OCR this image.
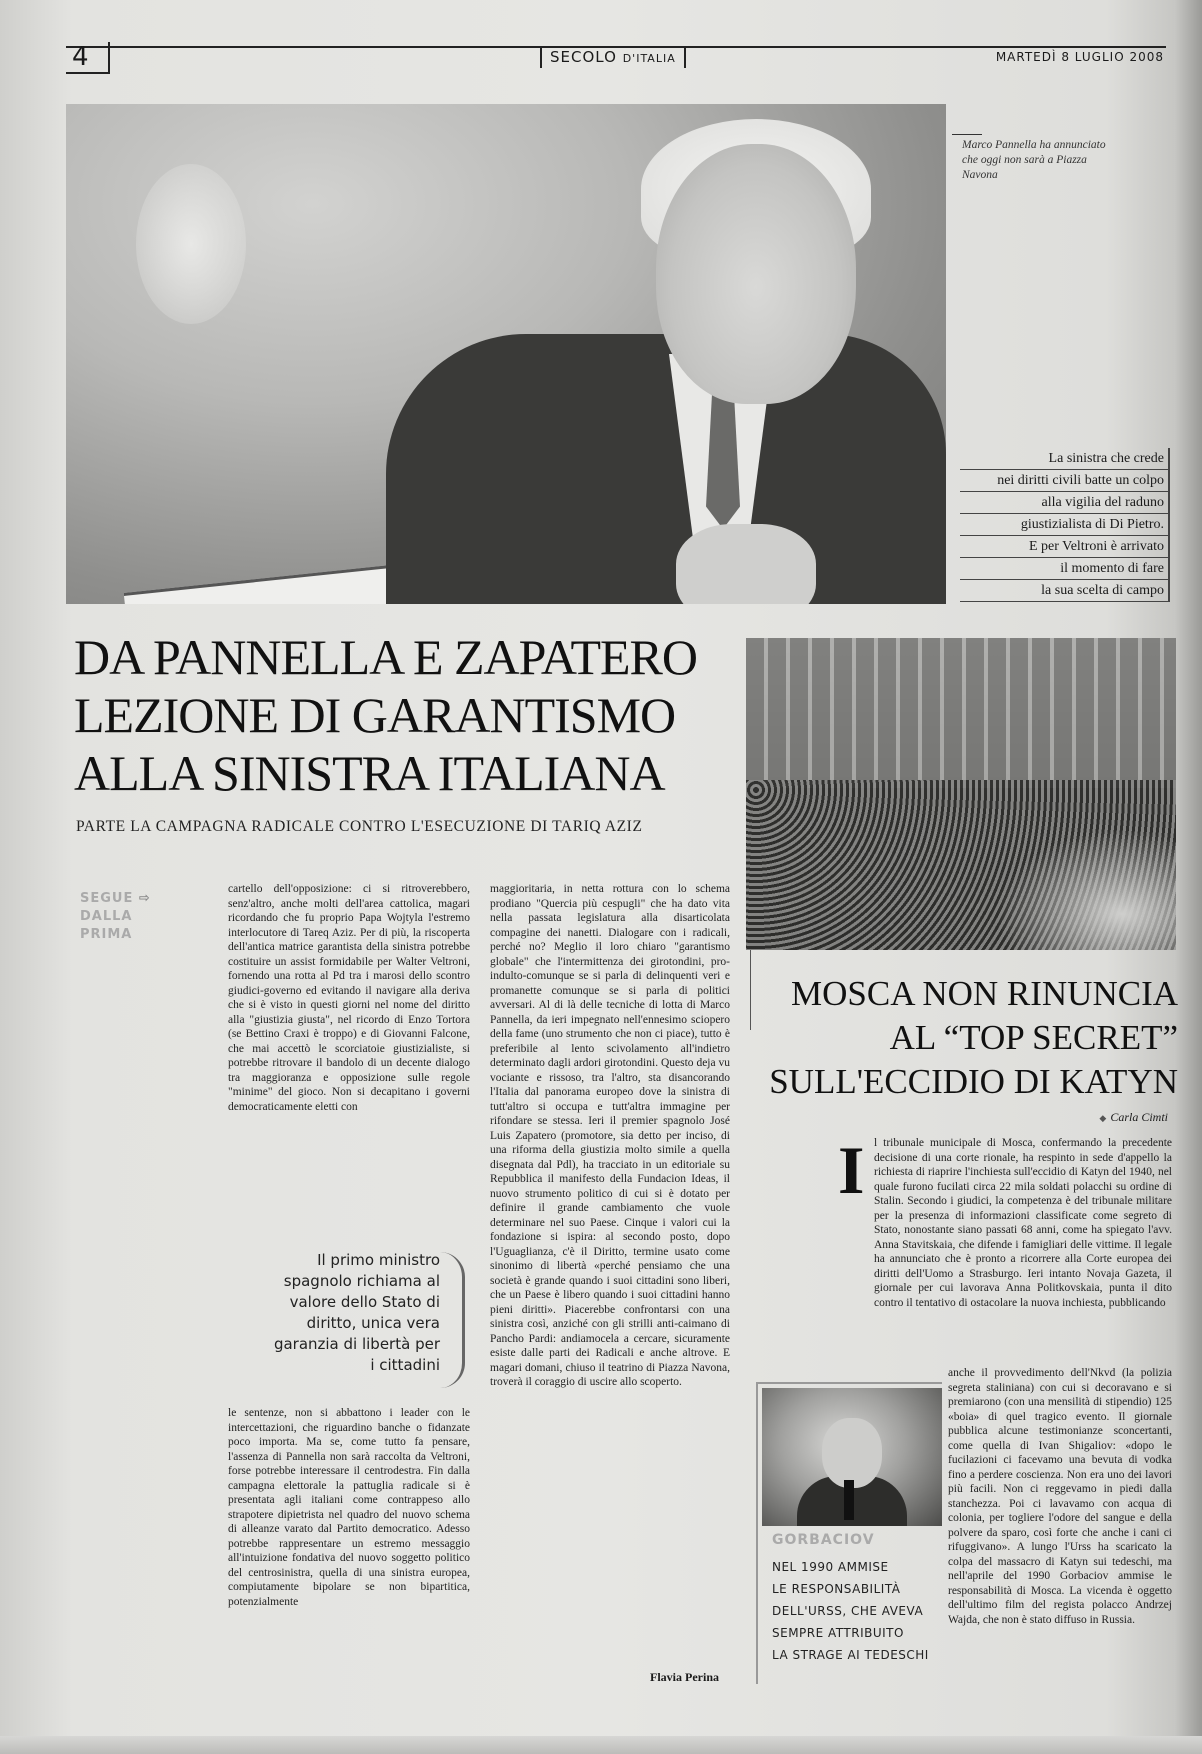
4	SECOLO D'ITALIA	MARTEDÌ 8 LUGLIO 2008
Marco Pannella ha annunciato che oggi non sarà a Piazza Navona
La sinistra che crede
nei diritti civili batte un colpo
alla vigilia del raduno
giustizialista di Di Pietro.
E per Veltroni è arrivato
il momento di fare
la sua scelta di campo
DA PANNELLA E ZAPATERO
LEZIONE DI GARANTISMO
ALLA SINISTRA ITALIANA
PARTE LA CAMPAGNA RADICALE CONTRO L'ESECUZIONE DI TARIQ AZIZ
SEGUE ⇨
DALLA
PRIMA
cartello dell'opposizione: ci si ritroverebbero, senz'altro, anche molti dell'area cattolica, magari ricordando che fu proprio Papa Wojtyla l'estremo interlocutore di Tareq Aziz. Per di più, la riscoperta dell'antica matrice garantista della sinistra potrebbe costituire un assist formidabile per Walter Veltroni, fornendo una rotta al Pd tra i marosi dello scontro giudici-governo ed evitando il navigare alla deriva che si è visto in questi giorni nel nome del diritto alla "giustizia giusta", nel ricordo di Enzo Tortora (se Bettino Craxi è troppo) e di Giovanni Falcone, che mai accettò le scorciatoie giustizialiste, si potrebbe ritrovare il bandolo di un decente dialogo tra maggioranza e opposizione sulle regole "minime" del gioco. Non si decapitano i governi democraticamente eletti con
Il primo ministro spagnolo richiama al valore dello Stato di diritto, unica vera garanzia di libertà per i cittadini
le sentenze, non si abbattono i leader con le intercettazioni, che riguardino banche o fidanzate poco importa. Ma se, come tutto fa pensare, l'assenza di Pannella non sarà raccolta da Veltroni, forse potrebbe interessare il centrodestra. Fin dalla campagna elettorale la pattuglia radicale si è presentata agli italiani come contrappeso allo strapotere dipietrista nel quadro del nuovo schema di alleanze varato dal Partito democratico. Adesso potrebbe rappresentare un estremo messaggio all'intuizione fondativa del nuovo soggetto politico del centrosinistra, quella di una sinistra europea, compiutamente bipolare se non bipartitica, potenzialmente
maggioritaria, in netta rottura con lo schema prodiano "Quercia più cespugli" che ha dato vita nella passata legislatura alla disarticolata compagine dei nanetti. Dialogare con i radicali, perché no? Meglio il loro chiaro "garantismo globale" che l'intermittenza dei girotondini, pro-indulto-comunque se si parla di delinquenti veri e promanette comunque se si parla di politici avversari. Al di là delle tecniche di lotta di Marco Pannella, da ieri impegnato nell'ennesimo sciopero della fame (uno strumento che non ci piace), tutto è preferibile al lento scivolamento all'indietro determinato dagli ardori girotondini. Questo deja vu vociante e rissoso, tra l'altro, sta disancorando l'Italia dal panorama europeo dove la sinistra di tutt'altro si occupa e tutt'altra immagine per rifondare se stessa. Ieri il premier spagnolo José Luis Zapatero (promotore, sia detto per inciso, di una riforma della giustizia molto simile a quella disegnata dal Pdl), ha tracciato in un editoriale su Repubblica il manifesto della Fundacion Ideas, il nuovo strumento politico di cui si è dotato per definire il grande cambiamento che vuole determinare nel suo Paese. Cinque i valori cui la fondazione si ispira: al secondo posto, dopo l'Uguaglianza, c'è il Diritto, termine usato come sinonimo di libertà «perché pensiamo che una società è grande quando i suoi cittadini sono liberi, che un Paese è libero quando i suoi cittadini hanno pieni diritti». Piacerebbe confrontarsi con una sinistra così, anziché con gli strilli anti-caimano di Pancho Pardi: andiamocela a cercare, sicuramente esiste dalle parti dei Radicali e anche altrove. E magari domani, chiuso il teatrino di Piazza Navona, troverà il coraggio di uscire allo scoperto.
Flavia Perina
MOSCA NON RINUNCIA
AL “TOP SECRET”
SULL'ECCIDIO DI KATYN
◆ Carla Cimti
I l tribunale municipale di Mosca, confermando la precedente decisione di una corte rionale, ha respinto in sede d'appello la richiesta di riaprire l'inchiesta sull'eccidio di Katyn del 1940, nel quale furono fucilati circa 22 mila soldati polacchi su ordine di Stalin. Secondo i giudici, la competenza è del tribunale militare per la presenza di informazioni classificate come segreto di Stato, nonostante siano passati 68 anni, come ha spiegato l'avv. Anna Stavitskaia, che difende i famigliari delle vittime. Il legale ha annunciato che è pronto a ricorrere alla Corte europea dei diritti dell'Uomo a Strasburgo. Ieri intanto Novaja Gazeta, il giornale per cui lavorava Anna Politkovskaia, punta il dito contro il tentativo di ostacolare la nuova inchiesta, pubblicando
anche il provvedimento dell'Nkvd (la polizia segreta staliniana) con cui si decoravano e si premiarono (con una mensilità di stipendio) 125 «boia» di quel tragico evento. Il giornale pubblica alcune testimonianze sconcertanti, come quella di Ivan Shigaliov: «dopo le fucilazioni ci facevamo una bevuta di vodka fino a perdere coscienza. Non era uno dei lavori più facili. Non ci reggevamo in piedi dalla stanchezza. Poi ci lavavamo con acqua di colonia, per togliere l'odore del sangue e della polvere da sparo, così forte che anche i cani ci rifuggivano». A lungo l'Urss ha scaricato la colpa del massacro di Katyn sui tedeschi, ma nell'aprile del 1990 Gorbaciov ammise le responsabilità di Mosca. La vicenda è oggetto dell'ultimo film del regista polacco Andrzej Wajda, che non è stato diffuso in Russia.
GORBACIOV
NEL 1990 AMMISE
LE RESPONSABILITÀ
DELL'URSS, CHE AVEVA
SEMPRE ATTRIBUITO
LA STRAGE AI TEDESCHI
